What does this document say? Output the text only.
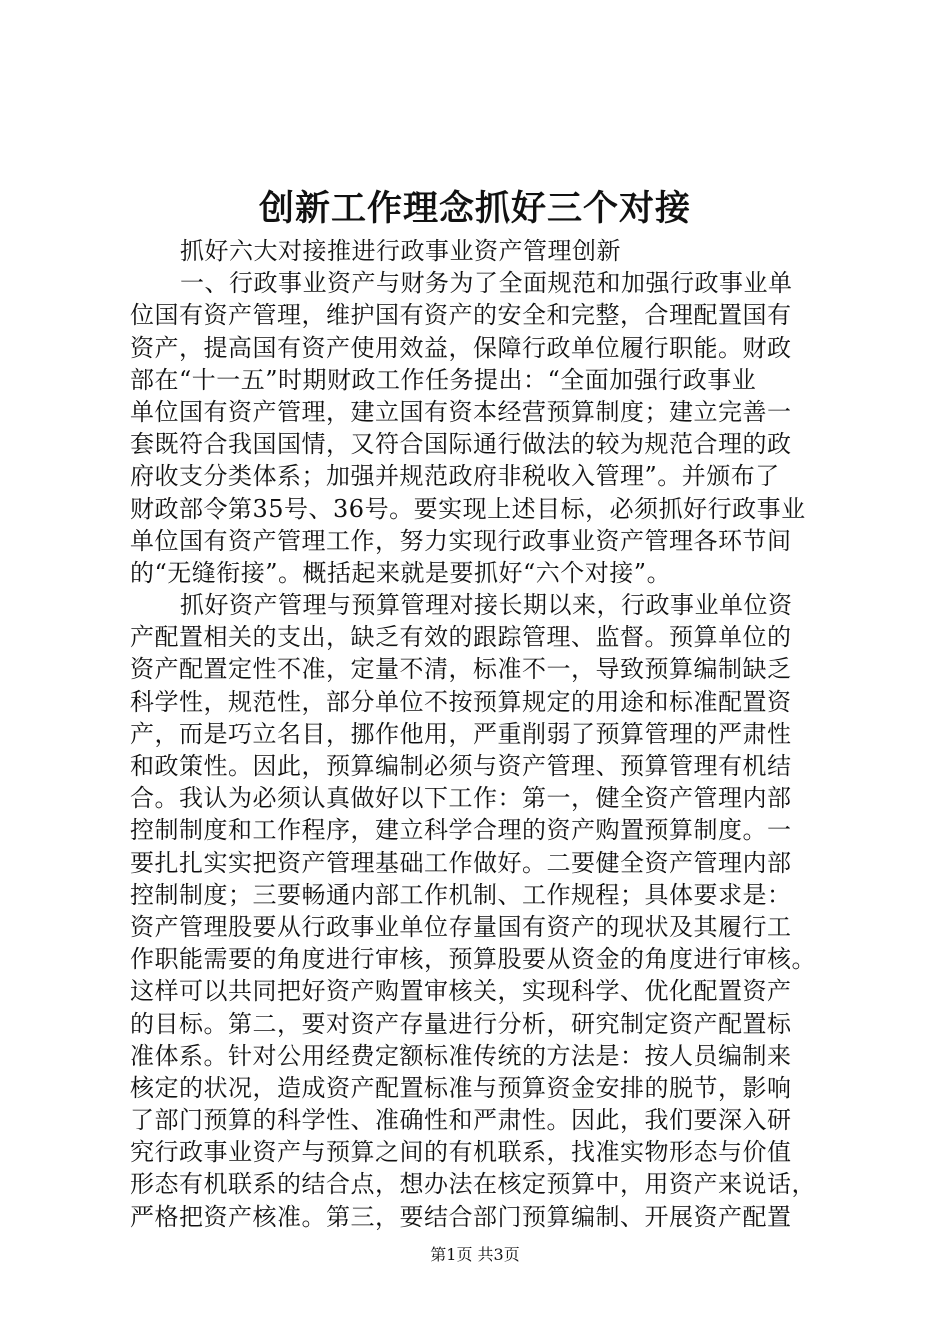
创新工作理念抓好三个对接
抓好六大对接推进行政事业资产管理创新
一、行政事业资产与财务为了全面规范和加强行政事业单
位国有资产管理，维护国有资产的安全和完整，合理配置国有
资产，提高国有资产使用效益，保障行政单位履行职能。财政
部在“十一五”时期财政工作任务提出：“全面加强行政事业
单位国有资产管理，建立国有资本经营预算制度；建立完善一
套既符合我国国情，又符合国际通行做法的较为规范合理的政
府收支分类体系；加强并规范政府非税收入管理”。并颁布了
财政部令第35号、36号。要实现上述目标，必须抓好行政事业
单位国有资产管理工作，努力实现行政事业资产管理各环节间
的“无缝衔接”。概括起来就是要抓好“六个对接”。
抓好资产管理与预算管理对接长期以来，行政事业单位资
产配置相关的支出，缺乏有效的跟踪管理、监督。预算单位的
资产配置定性不准，定量不清，标准不一，导致预算编制缺乏
科学性，规范性，部分单位不按预算规定的用途和标准配置资
产，而是巧立名目，挪作他用，严重削弱了预算管理的严肃性
和政策性。因此，预算编制必须与资产管理、预算管理有机结
合。我认为必须认真做好以下工作：第一，健全资产管理内部
控制制度和工作程序，建立科学合理的资产购置预算制度。一
要扎扎实实把资产管理基础工作做好。二要健全资产管理内部
控制制度；三要畅通内部工作机制、工作规程；具体要求是：
资产管理股要从行政事业单位存量国有资产的现状及其履行工
作职能需要的角度进行审核，预算股要从资金的角度进行审核。
这样可以共同把好资产购置审核关，实现科学、优化配置资产
的目标。第二，要对资产存量进行分析，研究制定资产配置标
准体系。针对公用经费定额标准传统的方法是：按人员编制来
核定的状况，造成资产配置标准与预算资金安排的脱节，影响
了部门预算的科学性、准确性和严肃性。因此，我们要深入研
究行政事业资产与预算之间的有机联系，找准实物形态与价值
形态有机联系的结合点，想办法在核定预算中，用资产来说话，
严格把资产核准。第三，要结合部门预算编制、开展资产配置
第1页 共3页
